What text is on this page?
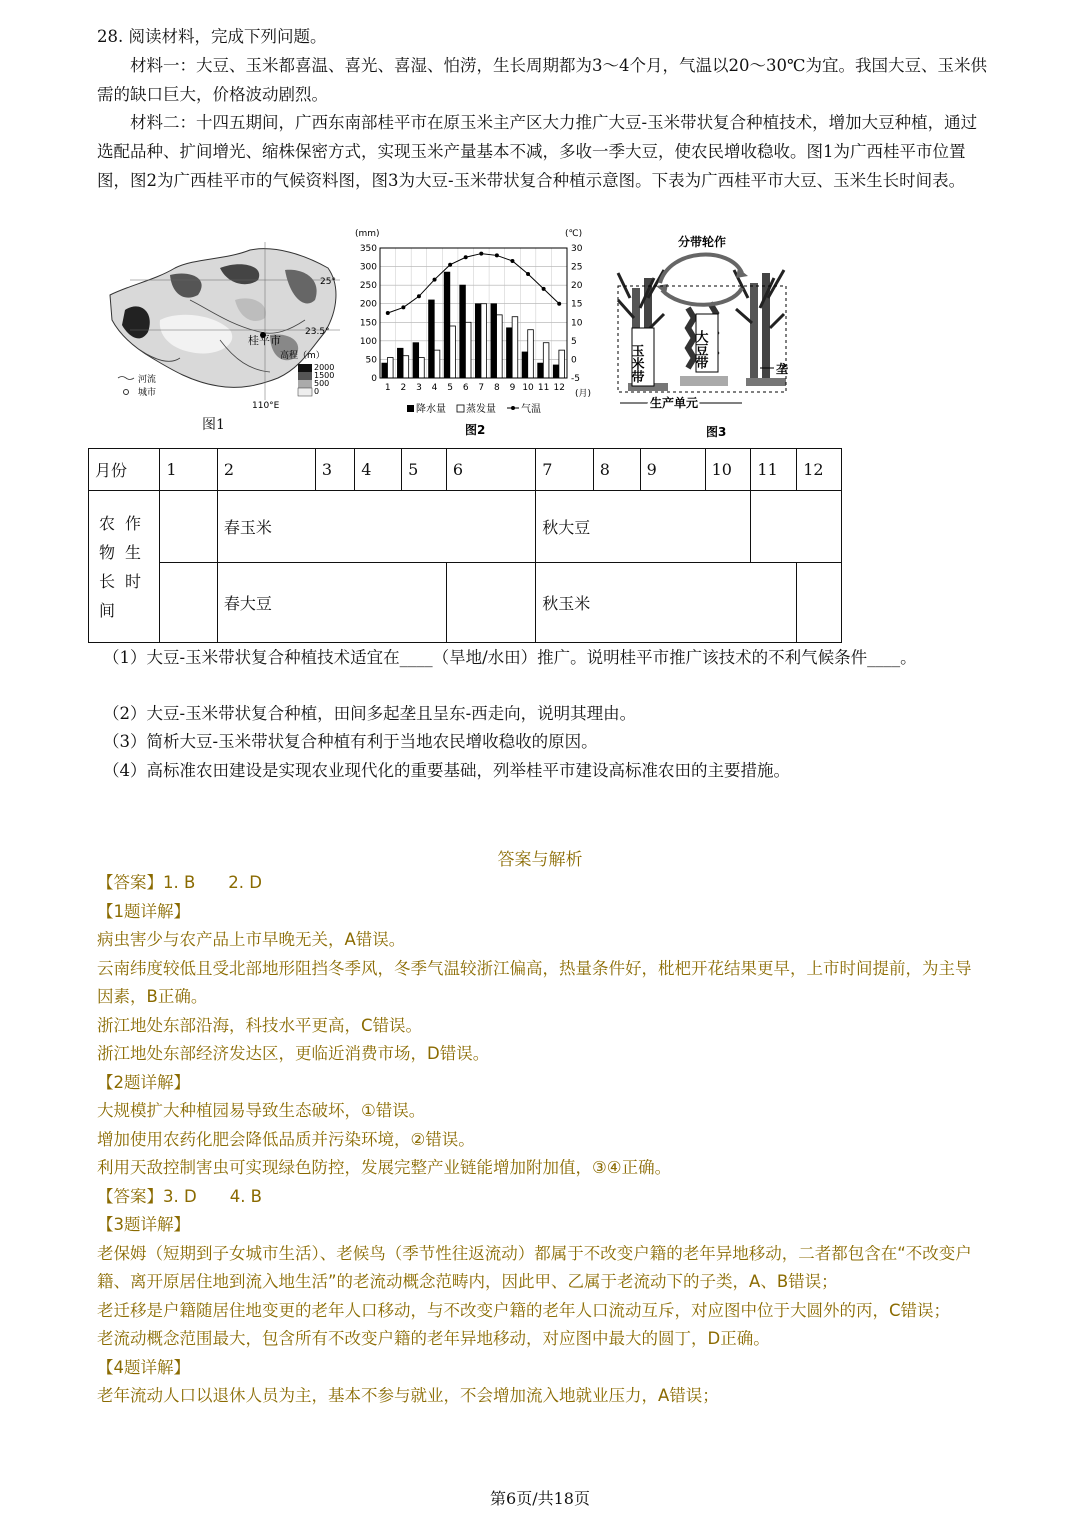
28. 阅读材料，完成下列问题。
材料一：大豆、玉米都喜温、喜光、喜湿、怕涝，生长周期都为3～4个月，气温以20～30℃为宜。我国大豆、玉米供需的缺口巨大，价格波动剧烈。
材料二：十四五期间，广西东南部桂平市在原玉米主产区大力推广大豆-玉米带状复合种植技术，增加大豆种植，通过选配品种、扩间增光、缩株保密方式，实现玉米产量基本不减，多收一季大豆，使农民增收稳收。图1为广西桂平市位置图，图2为广西桂平市的气候资料图，图3为大豆-玉米带状复合种植示意图。下表为广西桂平市大豆、玉米生长时间表。
25°
23.5°
桂平市
110°E
高程（m）
2000
1500
500
0
河流
城市
图1
0
50
100
150
200
250
300
350
-5
0
5
10
15
20
25
30
1 2 3 4 5 6 7 8 9 10 11 12
(mm)	(℃)
(月)
降水量 蒸发量	气温
图2
分带轮作
玉米带	大豆带	垄
生产单元
图3
月份	1	2	3	4	5	6	7	8	9	10	11	12
农作物生长时间		春玉米					秋大豆					
		春大豆					秋玉米					
（1）大豆-玉米带状复合种植技术适宜在____（旱地/水田）推广。说明桂平市推广该技术的不利气候条件____。
（2）大豆-玉米带状复合种植，田间多起垄且呈东-西走向，说明其理由。
（3）简析大豆-玉米带状复合种植有利于当地农民增收稳收的原因。
（4）高标准农田建设是实现农业现代化的重要基础，列举桂平市建设高标准农田的主要措施。
答案与解析
【答案】1. B　　2. D
【1题详解】
病虫害少与农产品上市早晚无关，A错误。
云南纬度较低且受北部地形阻挡冬季风，冬季气温较浙江偏高，热量条件好，枇杷开花结果更早，上市时间提前，为主导因素，B正确。
浙江地处东部沿海，科技水平更高，C错误。
浙江地处东部经济发达区，更临近消费市场，D错误。
【2题详解】
大规模扩大种植园易导致生态破坏，①错误。
增加使用农药化肥会降低品质并污染环境，②错误。
利用天敌控制害虫可实现绿色防控，发展完整产业链能增加附加值，③④正确。
【答案】3. D　　4. B
【3题详解】
老保姆（短期到子女城市生活）、老候鸟（季节性往返流动）都属于不改变户籍的老年异地移动，二者都包含在“不改变户籍、离开原居住地到流入地生活”的老流动概念范畴内，因此甲、乙属于老流动下的子类，A、B错误；
老迁移是户籍随居住地变更的老年人口移动，与不改变户籍的老年人口流动互斥，对应图中位于大圆外的丙，C错误；
老流动概念范围最大，包含所有不改变户籍的老年异地移动，对应图中最大的圆丁，D正确。
【4题详解】
老年流动人口以退休人员为主，基本不参与就业，不会增加流入地就业压力，A错误；
第6页/共18页
